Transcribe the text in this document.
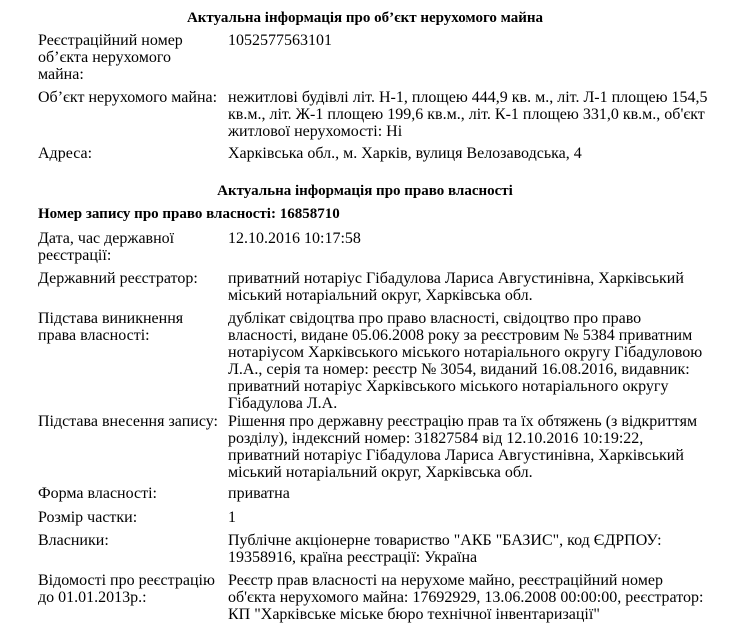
Актуальна інформація про об’єкт нерухомого майна
Реєстраційний номер об’єкта нерухомого майна:
1052577563101
Об’єкт нерухомого майна: нежитлові будівлі літ. Н-1, площею 444,9 кв. м., літ. Л-1 площею 154,5 кв.м., літ. Ж-1 площею 199,6 кв.м., літ. К-1 площею 331,0 кв.м., об'єкт житлової нерухомості: Ні
Адреса:	Харківська обл., м. Харків, вулиця Велозаводська, 4
Актуальна інформація про право власності
Номер запису про право власності: 16858710
Дата, час державної реєстрації:
12.10.2016 10:17:58
Державний реєстратор:	приватний нотаріус Гібадулова Лариса Августинівна, Харківський міський нотаріальний округ, Харківська обл.
Підстава виникнення права власності:
дублікат свідоцтва про право власності, свідоцтво про право власності, видане 05.06.2008 року за реєстровим № 5384 приватним нотаріусом Харківського міського нотаріального округу Гібадуловою Л.А., серія та номер: реєстр № 3054, виданий 16.08.2016, видавник: приватний нотаріус Харківського міського нотаріального округу Гібадулова Л.А.
Підстава внесення запису: Рішення про державну реєстрацію прав та їх обтяжень (з відкриттям розділу), індексний номер: 31827584 від 12.10.2016 10:19:22, приватний нотаріус Гібадулова Лариса Августинівна, Харківський міський нотаріальний округ, Харківська обл.
Форма власності:	приватна
Розмір частки:	1
Власники:	Публічне акціонерне товариство "АКБ "БАЗИС", код ЄДРПОУ: 19358916, країна реєстрації: Україна
Відомості про реєстрацію до 01.01.2013р.:
Реєстр прав власності на нерухоме майно, реєстраційний номер об'єкта нерухомого майна: 17692929, 13.06.2008 00:00:00, реєстратор: КП "Харківське міське бюро технічної інвентаризації"
